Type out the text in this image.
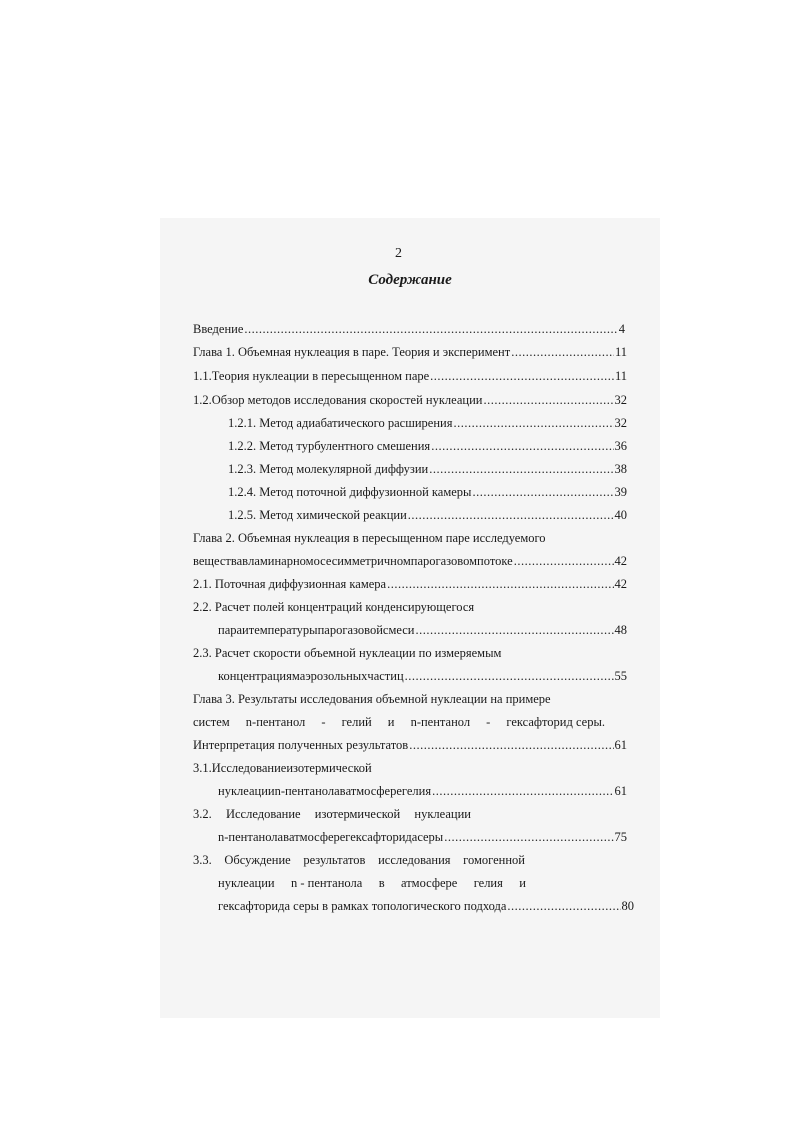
2
Содержание
Введение .....	4
Глава 1. Объемная нуклеация в паре. Теория и эксперимент .....	11
1.1. Теория нуклеации в пересыщенном паре .....	11
1.2. Обзор методов исследования скоростей нуклеации .....	32
1.2.1. Метод адиабатического расширения .....	32
1.2.2. Метод турбулентного смешения .....	36
1.2.3. Метод молекулярной диффузии .....	38
1.2.4. Метод поточной диффузионной камеры .....	39
1.2.5. Метод химической реакции .....	40
Глава 2. Объемная нуклеация в пересыщенном паре исследуемого
вещества в ламинарном осесимметричном парогазовом потоке .....	42
2.1. Поточная диффузионная камера .....	42
2.2. Расчет полей концентраций конденсирующегося
пара и температуры парогазовой смеси .....	48
2.3. Расчет скорости объемной нуклеации по измеряемым
концентрациям аэрозольных частиц .....	55
Глава 3. Результаты исследования объемной нуклеации на примере
систем n-пентанол - гелий и n-пентанол - гексафторид серы.
Интерпретация полученных результатов .....	61
3.1. Исследование изотермической
нуклеации n-пентанола в атмосфере гелия .....	61
3.2. Исследование изотермической нуклеации
n-пентанола в атмосфере гексафторида серы .....	75
3.3. Обсуждение результатов исследования гомогенной
нуклеации n - пентанола в атмосфере гелия и
гексафторида серы в рамках топологического подхода .....	80
